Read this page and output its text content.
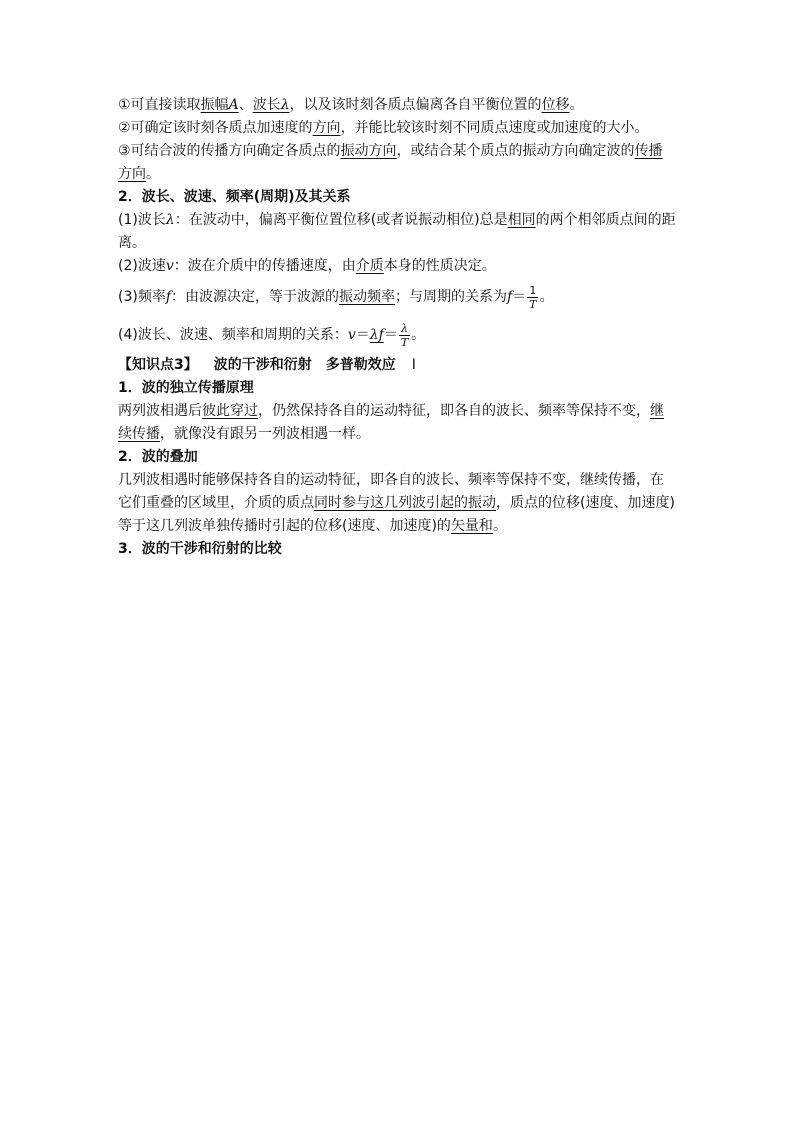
①可直接读取振幅A、波长λ，以及该时刻各质点偏离各自平衡位置的位移。
②可确定该时刻各质点加速度的方向，并能比较该时刻不同质点速度或加速度的大小。
③可结合波的传播方向确定各质点的振动方向，或结合某个质点的振动方向确定波的传播
方向。
2．波长、波速、频率(周期)及其关系
(1)波长λ：在波动中，偏离平衡位置位移(或者说振动相位)总是相同的两个相邻质点间的距
离。
(2)波速v：波在介质中的传播速度，由介质本身的性质决定。
(3)频率f：由波源决定，等于波源的振动频率；与周期的关系为$f= \frac{1}{T}$ 。
(4)波长、波速、频率和周期的关系：$v=\lambda f= \frac{\lambda}{T}$ 。
【知识点3】 波的干涉和衍射　多普勒效应 Ⅰ
1．波的独立传播原理
两列波相遇后彼此穿过，仍然保持各自的运动特征，即各自的波长、频率等保持不变，继
续传播，就像没有跟另一列波相遇一样。
2．波的叠加
几列波相遇时能够保持各自的运动特征，即各自的波长、频率等保持不变，继续传播，在
它们重叠的区域里，介质的质点同时参与这几列波引起的振动，质点的位移(速度、加速度)
等于这几列波单独传播时引起的位移(速度、加速度)的矢量和。
3．波的干涉和衍射的比较
